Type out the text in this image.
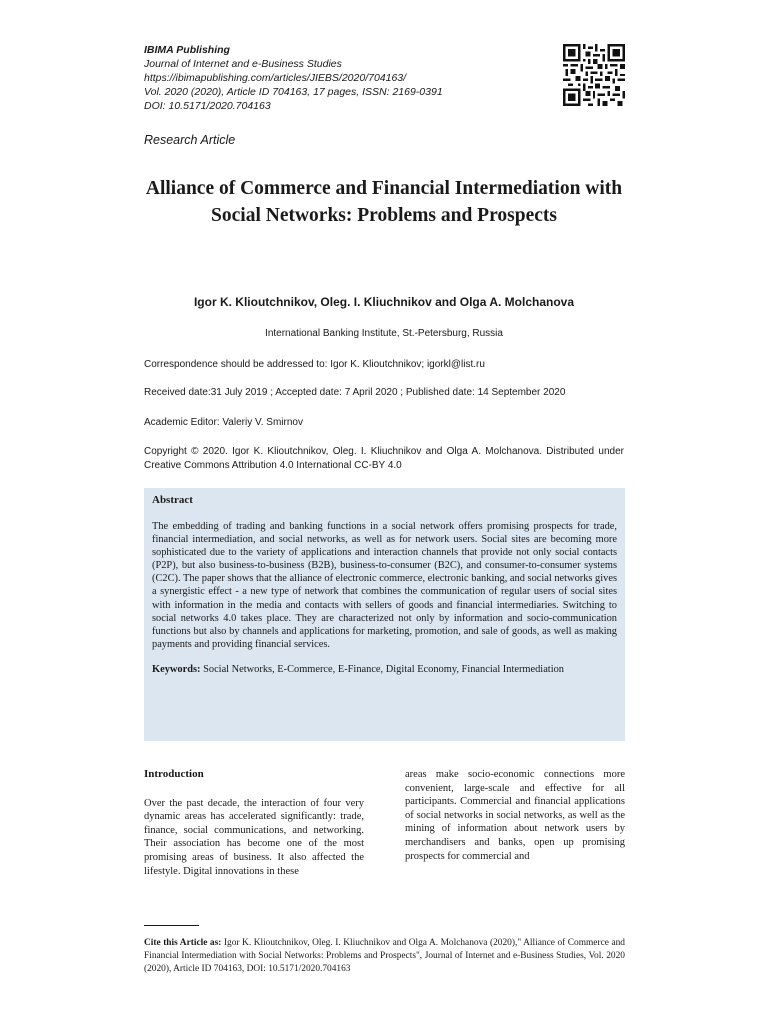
IBIMA Publishing
Journal of Internet and e-Business Studies
https://ibimapublishing.com/articles/JIEBS/2020/704163/
Vol. 2020 (2020), Article ID 704163, 17 pages, ISSN: 2169-0391
DOI: 10.5171/2020.704163
Research Article
Alliance of Commerce and Financial Intermediation with Social Networks: Problems and Prospects
Igor K. Klioutchnikov, Oleg. I. Kliuchnikov and Olga A. Molchanova
International Banking Institute, St.-Petersburg, Russia
Correspondence should be addressed to: Igor K. Klioutchnikov; igorkl@list.ru
Received date:31 July 2019 ; Accepted date: 7 April 2020 ; Published date: 14 September 2020
Academic Editor: Valeriy V. Smirnov
Copyright © 2020. Igor K. Klioutchnikov, Oleg. I. Kliuchnikov and Olga A. Molchanova. Distributed under Creative Commons Attribution 4.0 International CC-BY 4.0
Abstract
The embedding of trading and banking functions in a social network offers promising prospects for trade, financial intermediation, and social networks, as well as for network users. Social sites are becoming more sophisticated due to the variety of applications and interaction channels that provide not only social contacts (P2P), but also business-to-business (B2B), business-to-consumer (B2C), and consumer-to-consumer systems (C2C). The paper shows that the alliance of electronic commerce, electronic banking, and social networks gives a synergistic effect - a new type of network that combines the communication of regular users of social sites with information in the media and contacts with sellers of goods and financial intermediaries. Switching to social networks 4.0 takes place. They are characterized not only by information and socio-communication functions but also by channels and applications for marketing, promotion, and sale of goods, as well as making payments and providing financial services.
Keywords: Social Networks, E-Commerce, E-Finance, Digital Economy, Financial Intermediation
Introduction
Over the past decade, the interaction of four very dynamic areas has accelerated significantly: trade, finance, social communications, and networking. Their association has become one of the most promising areas of business. It also affected the lifestyle. Digital innovations in these
areas make socio-economic connections more convenient, large-scale and effective for all participants. Commercial and financial applications of social networks in social networks, as well as the mining of information about network users by merchandisers and banks, open up promising prospects for commercial and
Cite this Article as: Igor K. Klioutchnikov, Oleg. I. Kliuchnikov and Olga A. Molchanova (2020)," Alliance of Commerce and Financial Intermediation with Social Networks: Problems and Prospects", Journal of Internet and e-Business Studies, Vol. 2020 (2020), Article ID 704163, DOI: 10.5171/2020.704163
